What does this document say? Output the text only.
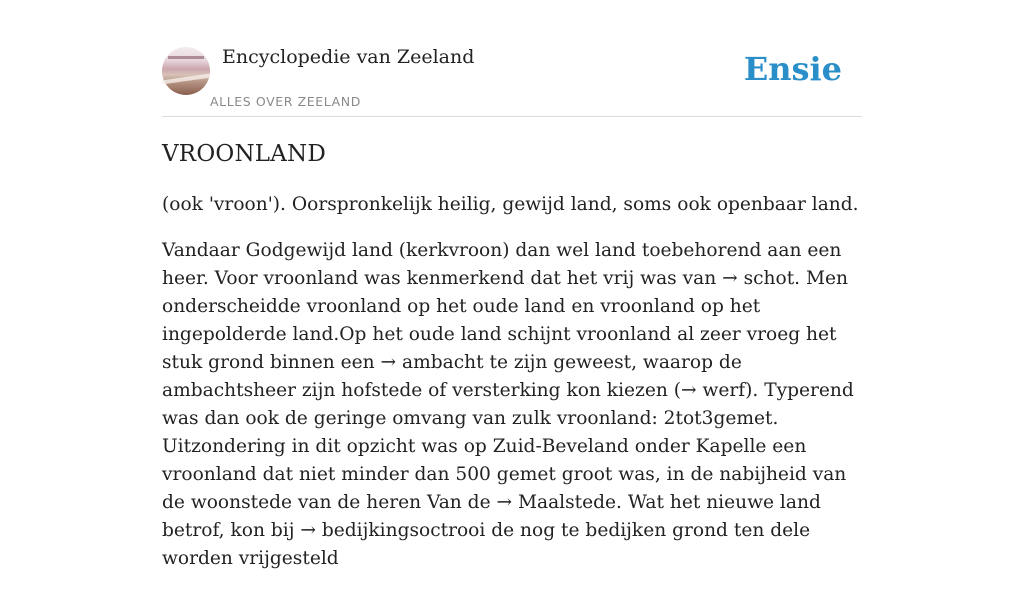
Encyclopedie van Zeeland
ALLES OVER ZEELAND
Ensie
VROONLAND

(ook 'vroon'). Oorspronkelijk heilig, gewijd land, soms ook openbaar land.

Vandaar Godgewijd land (kerkvroon) dan wel land toebehorend aan een heer. Voor vroonland was kenmerkend dat het vrij was van → schot. Men onderscheidde vroonland op het oude land en vroonland op het ingepolderde land.Op het oude land schijnt vroonland al zeer vroeg het stuk grond binnen een → ambacht te zijn geweest, waarop de ambachtsheer zijn hofstede of versterking kon kiezen (→ werf). Typerend was dan ook de geringe omvang van zulk vroonland: 2tot3gemet. Uitzondering in dit opzicht was op Zuid-Beveland onder Kapelle een vroonland dat niet minder dan 500 gemet groot was, in de nabijheid van de woonstede van de heren Van de → Maalstede. Wat het nieuwe land betrof, kon bij → bedijkingsoctrooi de nog te bedijken grond ten dele worden vrijgesteld
